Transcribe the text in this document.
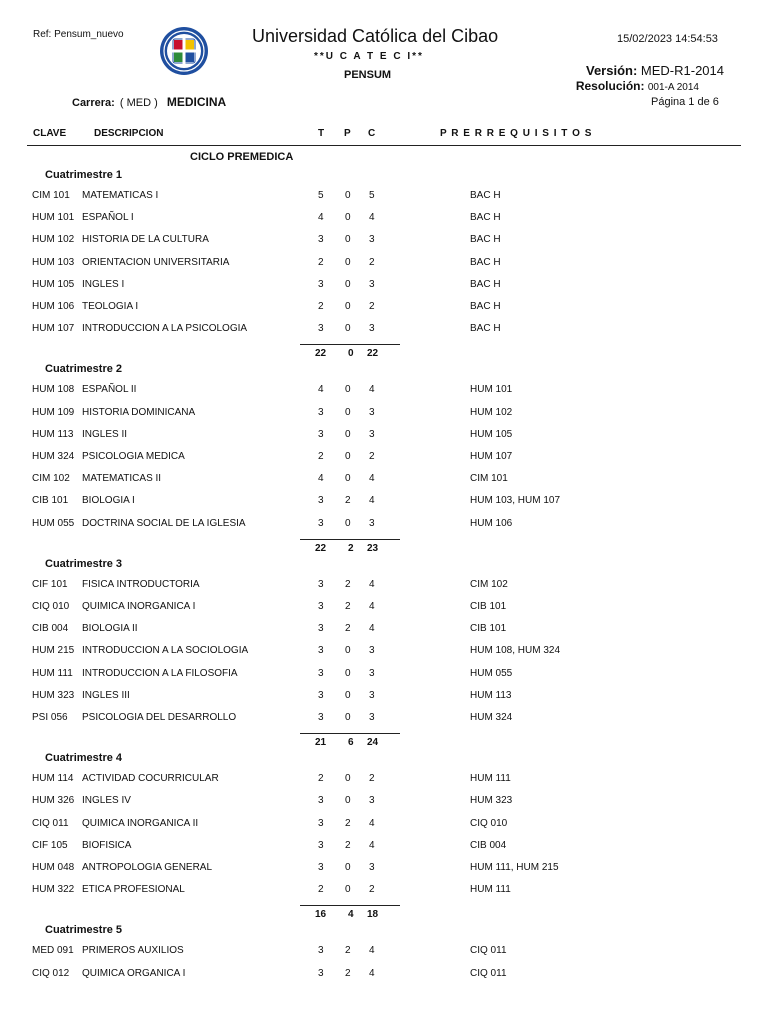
Ref: Pensum_nuevo	Universidad Católica del Cibao
**U C A T E C I**
PENSUM
15/02/2023 14:54:53
Versión: MED-R1-2014
Resolución: 001-A 2014
Carrera: ( MED ) MEDICINA	Página 1 de 6
CLAVE	DESCRIPCION	T P C	P R E R R E Q U I S I T O S
CICLO PREMEDICA
Cuatrimestre 1
CIM 101 MATEMATICAS I	5 0 5	BAC H
HUM 101 ESPAÑOL I	4 0 4	BAC H
HUM 102 HISTORIA DE LA CULTURA	3 0 3	BAC H
HUM 103 ORIENTACION UNIVERSITARIA	2 0 2	BAC H
HUM 105 INGLES I	3 0 3	BAC H
HUM 106 TEOLOGIA I	2 0 2	BAC H
HUM 107 INTRODUCCION A LA PSICOLOGIA	3 0 3	BAC H
22 0 22
Cuatrimestre 2
HUM 108 ESPAÑOL II	4 0 4	HUM 101
HUM 109 HISTORIA DOMINICANA	3 0 3	HUM 102
HUM 113 INGLES II	3 0 3	HUM 105
HUM 324 PSICOLOGIA MEDICA	2 0 2	HUM 107
CIM 102 MATEMATICAS II	4 0 4	CIM 101
CIB 101 BIOLOGIA I	3 2 4	HUM 103, HUM 107
HUM 055 DOCTRINA SOCIAL DE LA IGLESIA	3 0 3	HUM 106
22 2 23
Cuatrimestre 3
CIF 101 FISICA INTRODUCTORIA	3 2 4	CIM 102
CIQ 010 QUIMICA INORGANICA I	3 2 4	CIB 101
CIB 004 BIOLOGIA II	3 2 4	CIB 101
HUM 215 INTRODUCCION A LA SOCIOLOGIA	3 0 3	HUM 108, HUM 324
HUM 111 INTRODUCCION A LA FILOSOFIA	3 0 3	HUM 055
HUM 323 INGLES III	3 0 3	HUM 113
PSI 056 PSICOLOGIA DEL DESARROLLO	3 0 3	HUM 324
21 6 24
Cuatrimestre 4
HUM 114 ACTIVIDAD COCURRICULAR	2 0 2	HUM 111
HUM 326 INGLES IV	3 0 3	HUM 323
CIQ 011 QUIMICA INORGANICA II	3 2 4	CIQ 010
CIF 105 BIOFISICA	3 2 4	CIB 004
HUM 048 ANTROPOLOGIA GENERAL	3 0 3	HUM 111, HUM 215
HUM 322 ETICA PROFESIONAL	2 0 2	HUM 111
16 4 18
Cuatrimestre 5
MED 091 PRIMEROS AUXILIOS	3 2 4	CIQ 011
CIQ 012 QUIMICA ORGANICA I	3 2 4	CIQ 011
